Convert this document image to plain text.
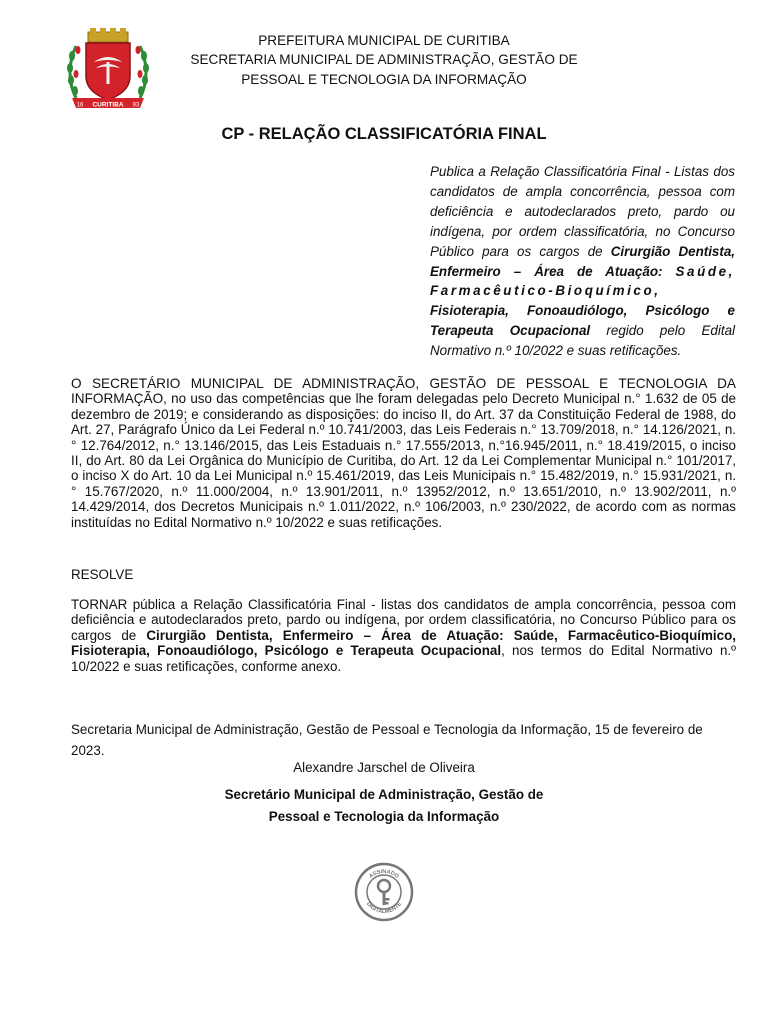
CURITIBA
16	93
PREFEITURA MUNICIPAL DE CURITIBA
SECRETARIA MUNICIPAL DE ADMINISTRAÇÃO, GESTÃO DE
PESSOAL E TECNOLOGIA DA INFORMAÇÃO
CP - RELAÇÃO CLASSIFICATÓRIA FINAL
Publica a Relação Classificatória Final - Listas dos candidatos de ampla concorrência, pessoa com deficiência e autodeclarados preto, pardo ou indígena, por ordem classificatória, no Concurso Público para os cargos de Cirurgião Dentista, Enfermeiro – Área de Atuação: Saúde, Farmacêutico-Bioquímico, Fisioterapia, Fonoaudiólogo, Psicólogo e Terapeuta Ocupacional regido pelo Edital Normativo n.º 10/2022 e suas retificações.
O SECRETÁRIO MUNICIPAL DE ADMINISTRAÇÃO, GESTÃO DE PESSOAL E TECNOLOGIA DA INFORMAÇÃO, no uso das competências que lhe foram delegadas pelo Decreto Municipal n.° 1.632 de 05 de dezembro de 2019; e considerando as disposições: do inciso II, do Art. 37 da Constituição Federal de 1988, do Art. 27, Parágrafo Único da Lei Federal n.º 10.741/2003, das Leis Federais n.° 13.709/2018, n.° 14.126/2021, n.° 12.764/2012, n.° 13.146/2015, das Leis Estaduais n.° 17.555/2013, n.°16.945/2011, n.° 18.419/2015, o inciso II, do Art. 80 da Lei Orgânica do Município de Curitiba, do Art. 12 da Lei Complementar Municipal n.° 101/2017, o inciso X do Art. 10 da Lei Municipal n.º 15.461/2019, das Leis Municipais n.° 15.482/2019, n.° 15.931/2021, n.° 15.767/2020, n.º 11.000/2004, n.º 13.901/2011, n.º 13952/2012, n.º 13.651/2010, n.º 13.902/2011, n.º 14.429/2014, dos Decretos Municipais n.º 1.011/2022, n.º 106/2003, n.º 230/2022, de acordo com as normas instituídas no Edital Normativo n.º 10/2022 e suas retificações.
RESOLVE
TORNAR pública a Relação Classificatória Final - listas dos candidatos de ampla concorrência, pessoa com deficiência e autodeclarados preto, pardo ou indígena, por ordem classificatória, no Concurso Público para os cargos de Cirurgião Dentista, Enfermeiro – Área de Atuação: Saúde, Farmacêutico-Bioquímico, Fisioterapia, Fonoaudiólogo, Psicólogo e Terapeuta Ocupacional, nos termos do Edital Normativo n.º 10/2022 e suas retificações, conforme anexo.
Secretaria Municipal de Administração, Gestão de Pessoal e Tecnologia da Informação, 15 de fevereiro de 2023.
Alexandre Jarschel de Oliveira
Secretário Municipal de Administração, Gestão de
Pessoal e Tecnologia da Informação
ASSINADO
DIGITALMENTE
